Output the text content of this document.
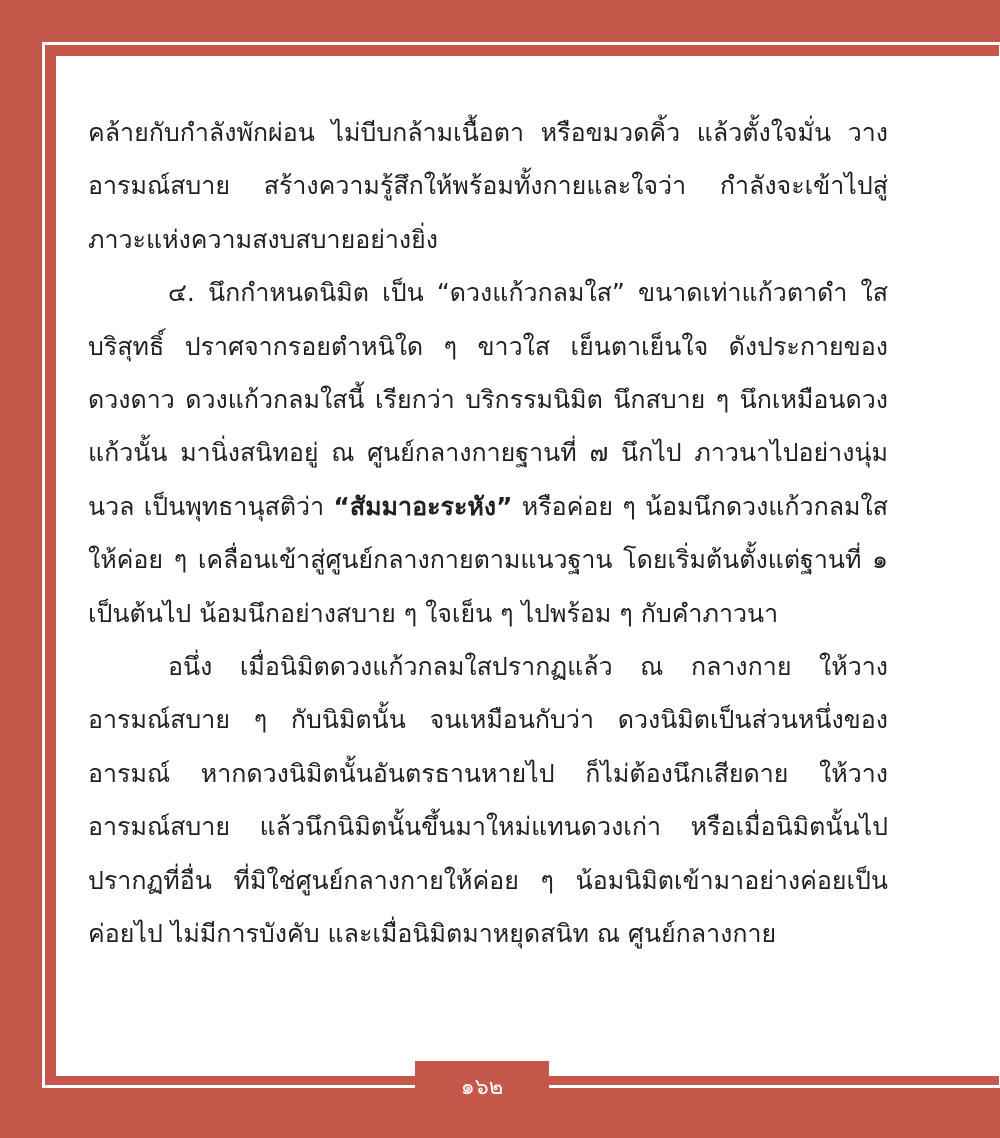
คล้ายกับกำลังพักผ่อน ไม่บีบกล้ามเนื้อตา หรือขมวดคิ้ว แล้วตั้งใจมั่น วางอารมณ์สบาย สร้างความรู้สึกให้พร้อมทั้งกายและใจว่า กำลังจะเข้าไปสู่ภาวะแห่งความสงบสบายอย่างยิ่ง

๔. นึกกำหนดนิมิต เป็น “ดวงแก้วกลมใส” ขนาดเท่าแก้วตาดำ ใสบริสุทธิ์ ปราศจากรอยตำหนิใด ๆ ขาวใส เย็นตาเย็นใจ ดังประกายของดวงดาว ดวงแก้วกลมใสนี้ เรียกว่า บริกรรมนิมิต นึกสบาย ๆ นึกเหมือนดวงแก้วนั้น มานิ่งสนิทอยู่ ณ ศูนย์กลางกายฐานที่ ๗ นึกไป ภาวนาไปอย่างนุ่มนวล เป็นพุทธานุสติว่า “สัมมาอะระหัง” หรือค่อย ๆ น้อมนึกดวงแก้วกลมใสให้ค่อย ๆ เคลื่อนเข้าสู่ศูนย์กลางกายตามแนวฐาน โดยเริ่มต้นตั้งแต่ฐานที่ ๑ เป็นต้นไป น้อมนึกอย่างสบาย ๆ ใจเย็น ๆ ไปพร้อม ๆ กับคำภาวนา

อนึ่ง เมื่อนิมิตดวงแก้วกลมใสปรากฏแล้ว ณ กลางกาย ให้วางอารมณ์สบาย ๆ กับนิมิตนั้น จนเหมือนกับว่า ดวงนิมิตเป็นส่วนหนึ่งของอารมณ์ หากดวงนิมิตนั้นอันตรธานหายไป ก็ไม่ต้องนึกเสียดาย ให้วางอารมณ์สบาย แล้วนึกนิมิตนั้นขึ้นมาใหม่แทนดวงเก่า หรือเมื่อนิมิตนั้นไปปรากฏที่อื่น ที่มิใช่ศูนย์กลางกายให้ค่อย ๆ น้อมนิมิตเข้ามาอย่างค่อยเป็นค่อยไป ไม่มีการบังคับ และเมื่อนิมิตมาหยุดสนิท ณ ศูนย์กลางกาย

๑๖๒
